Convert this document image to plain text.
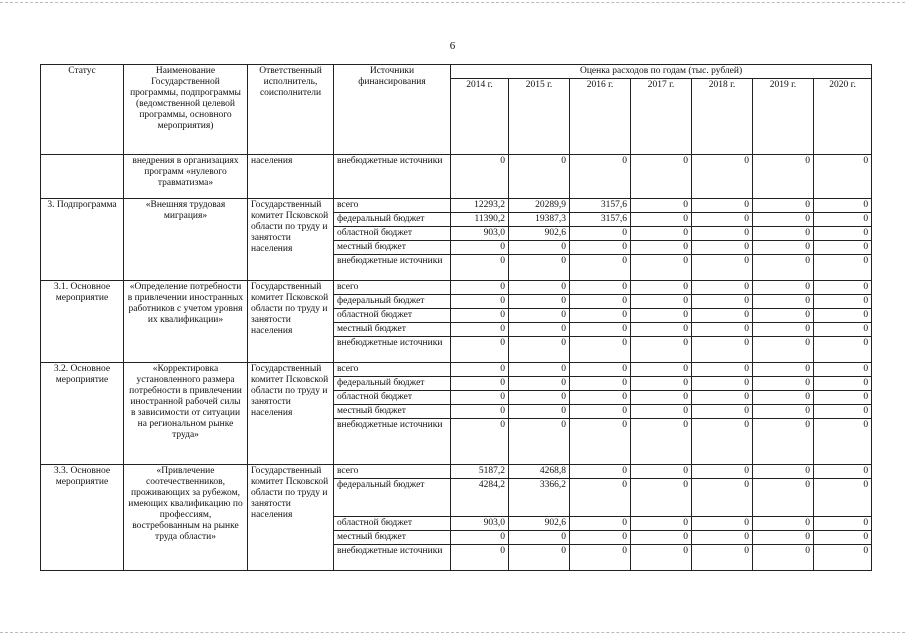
6
Статус	Наименование Государственной программы, подпрограммы (ведомственной целевой программы, основного мероприятия)	Ответственный исполнитель, соисполнители	Источники финансирования	Оценка расходов по годам (тыс. рублей)						
				2014 г.	2015 г.	2016 г.	2017 г.	2018 г.	2019 г.	2020 г.
	внедрения в организациях программ «нулевого травматизма»	населения	внебюджетные источники	0	0	0	0	0	0	0
3. Подпрограмма	«Внешняя трудовая миграция»	Государственный комитет Псковской области по труду и занятости населения	всего	12293,2	20289,9	3157,6	0	0	0	0
			федеральный бюджет	11390,2	19387,3	3157,6	0	0	0	0
			областной бюджет	903,0	902,6	0	0	0	0	0
			местный бюджет	0	0	0	0	0	0	0
			внебюджетные источники	0	0	0	0	0	0	0
3.1. Основное мероприятие	«Определение потребности в привлечении иностранных работников с учетом уровня их квалификации»	Государственный комитет Псковской области по труду и занятости населения	всего	0	0	0	0	0	0	0
			федеральный бюджет	0	0	0	0	0	0	0
			областной бюджет	0	0	0	0	0	0	0
			местный бюджет	0	0	0	0	0	0	0
			внебюджетные источники	0	0	0	0	0	0	0
3.2. Основное мероприятие	«Корректировка установленного размера потребности в привлечении иностранной рабочей силы в зависимости от ситуации на региональном рынке труда»	Государственный комитет Псковской области по труду и занятости населения	всего	0	0	0	0	0	0	0
			федеральный бюджет	0	0	0	0	0	0	0
			областной бюджет	0	0	0	0	0	0	0
			местный бюджет	0	0	0	0	0	0	0
			внебюджетные источники	0	0	0	0	0	0	0
3.3. Основное мероприятие	«Привлечение соотечественников, проживающих за рубежом, имеющих квалификацию по профессиям, востребованным на рынке труда области»	Государственный комитет Псковской области по труду и занятости населения	всего	5187,2	4268,8	0	0	0	0	0
			федеральный бюджет	4284,2	3366,2	0	0	0	0	0
			областной бюджет	903,0	902,6	0	0	0	0	0
			местный бюджет	0	0	0	0	0	0	0
			внебюджетные источники	0	0	0	0	0	0	0
